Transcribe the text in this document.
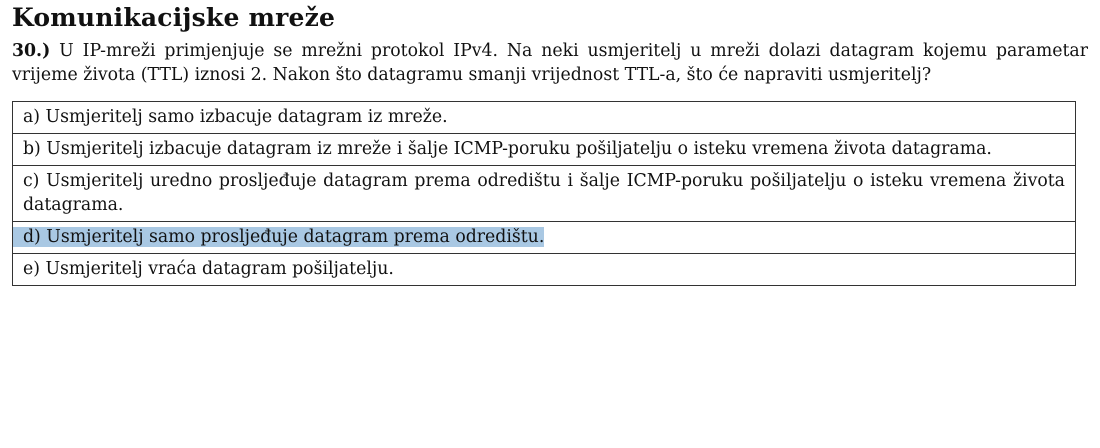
Komunikacijske mreže

30.) U IP-mreži primjenjuje se mrežni protokol IPv4. Na neki usmjeritelj u mreži dolazi datagram kojemu parametar vrijeme života (TTL) iznosi 2. Nakon što datagramu smanji vrijednost TTL-a, što će napraviti usmjeritelj?

a) Usmjeritelj samo izbacuje datagram iz mreže.
b) Usmjeritelj izbacuje datagram iz mreže i šalje ICMP-poruku pošiljatelju o isteku vremena života datagrama.
c) Usmjeritelj uredno prosljeđuje datagram prema odredištu i šalje ICMP-poruku pošiljatelju o isteku vremena života datagrama.
d) Usmjeritelj samo prosljeđuje datagram prema odredištu.
e) Usmjeritelj vraća datagram pošiljatelju.
